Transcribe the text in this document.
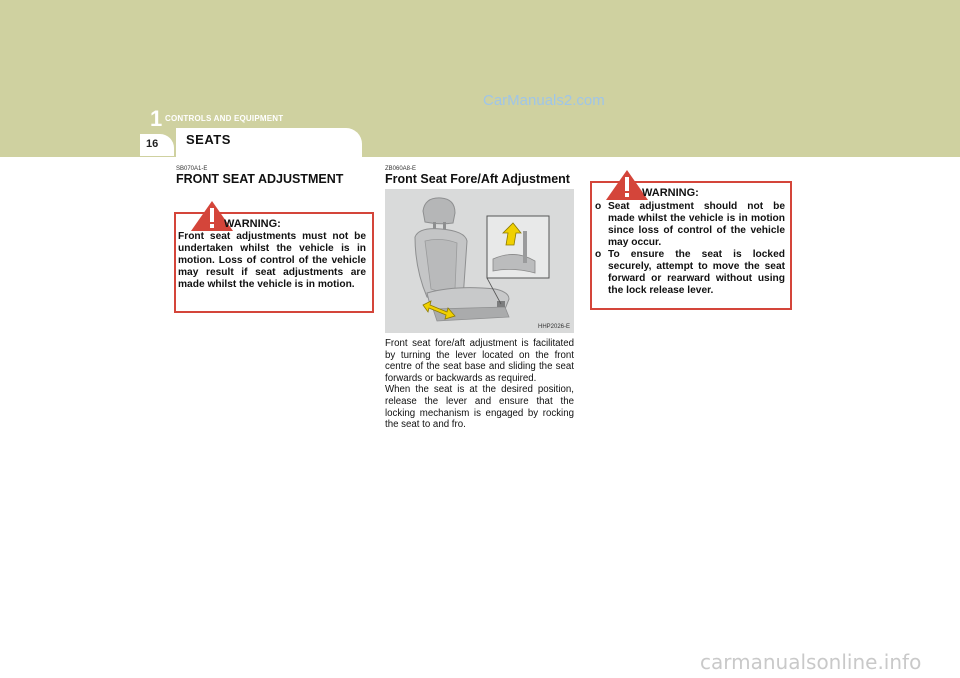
CarManuals2.com
1 CONTROLS AND EQUIPMENT
16 SEATS
SB070A1-E
FRONT SEAT ADJUSTMENT
WARNING:
Front seat adjustments must not be undertaken whilst the vehicle is in motion. Loss of control of the vehicle may result if seat adjustments are made whilst the vehicle is in motion.
ZB060A8-E
Front Seat Fore/Aft Adjustment
HHP2026-E

Front seat fore/aft adjustment is facilitated by turning the lever located on the front centre of the seat base and sliding the seat forwards or backwards as required.

When the seat is at the desired position, release the lever and ensure that the locking mechanism is engaged by rocking the seat to and fro.

WARNING:
o Seat adjustment should not be made whilst the vehicle is in motion since loss of control of the vehicle may occur.
o To ensure the seat is locked securely, attempt to move the seat forward or rearward without using the lock release lever.
carmanualsonline.info
